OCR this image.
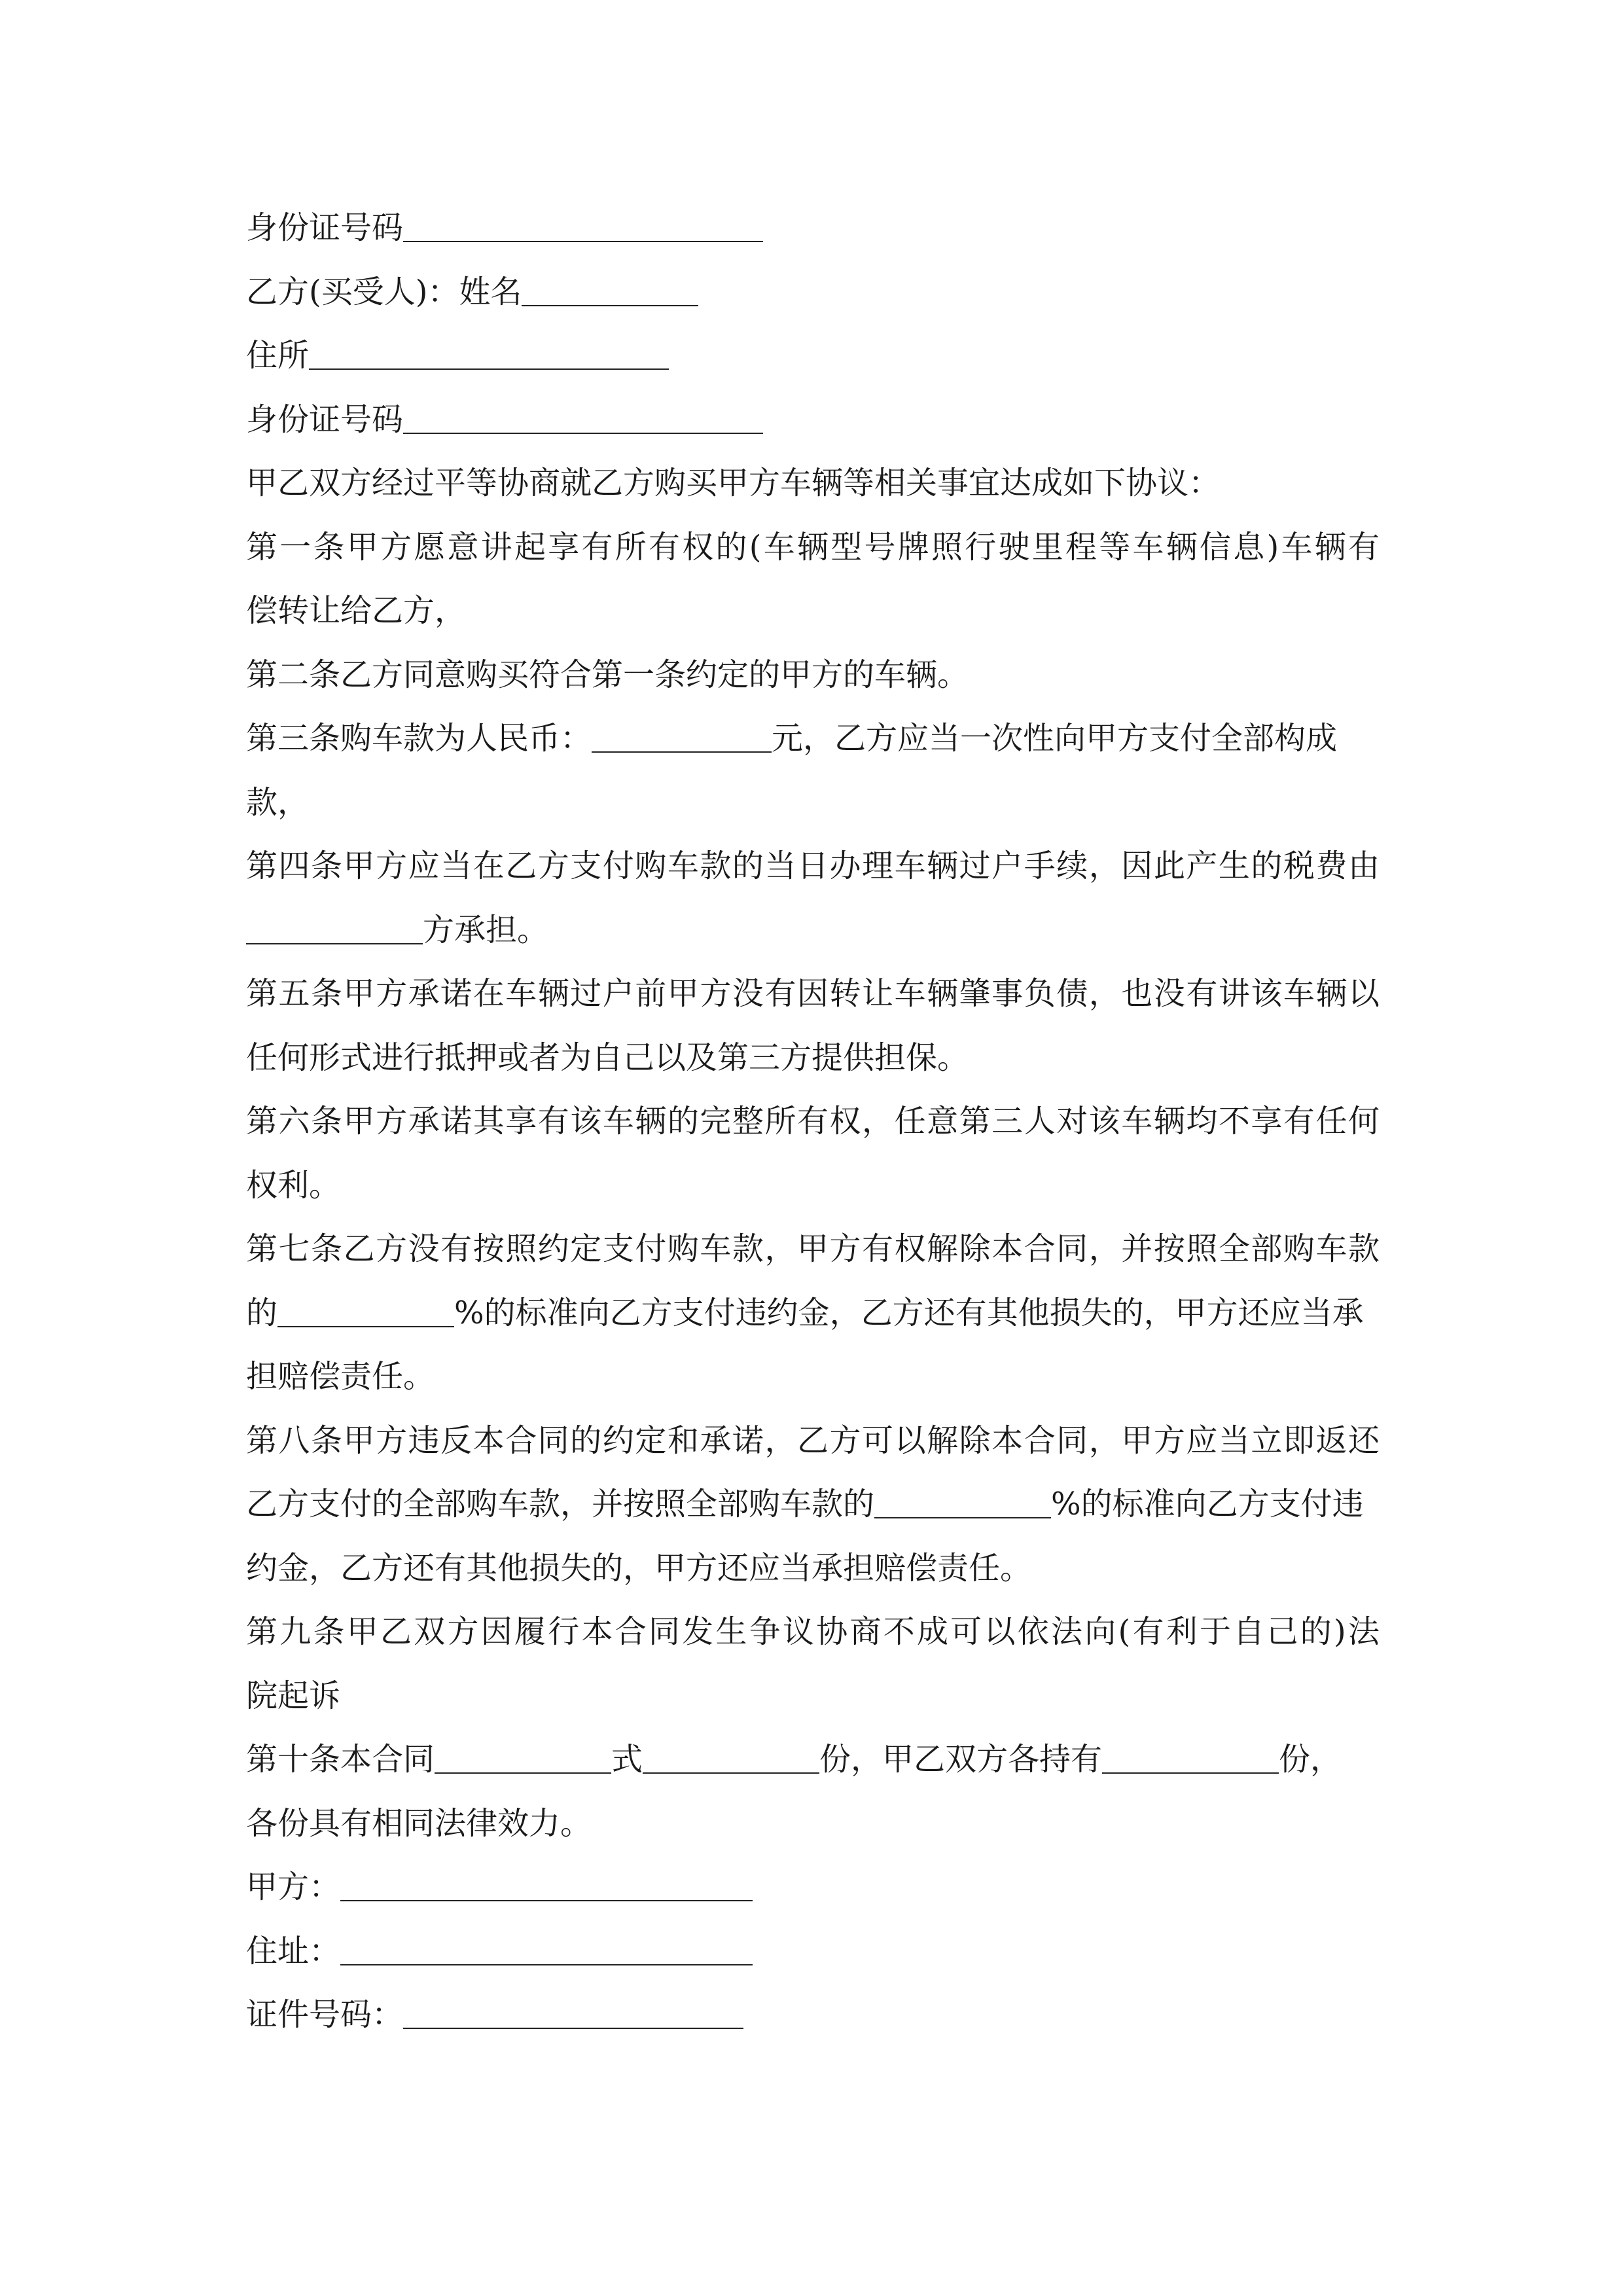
身份证号码
乙方(买受人)：姓名
住所
身份证号码
甲乙双方经过平等协商就乙方购买甲方车辆等相关事宜达成如下协议：
第一条甲方愿意讲起享有所有权的(车辆型号牌照行驶里程等车辆信息)车辆有
偿转让给乙方，
第二条乙方同意购买符合第一条约定的甲方的车辆。
第三条购车款为人民币：	元，乙方应当一次性向甲方支付全部构成
款，
第四条甲方应当在乙方支付购车款的当日办理车辆过户手续，因此产生的税费由
方承担。
第五条甲方承诺在车辆过户前甲方没有因转让车辆肇事负债，也没有讲该车辆以
任何形式进行抵押或者为自己以及第三方提供担保。
第六条甲方承诺其享有该车辆的完整所有权，任意第三人对该车辆均不享有任何
权利。
第七条乙方没有按照约定支付购车款，甲方有权解除本合同，并按照全部购车款
的	%的标准向乙方支付违约金，乙方还有其他损失的，甲方还应当承
担赔偿责任。
第八条甲方违反本合同的约定和承诺，乙方可以解除本合同，甲方应当立即返还
乙方支付的全部购车款，并按照全部购车款的	%的标准向乙方支付违
约金，乙方还有其他损失的，甲方还应当承担赔偿责任。
第九条甲乙双方因履行本合同发生争议协商不成可以依法向(有利于自己的)法
院起诉
第十条本合同	式	份，甲乙双方各持有	份，
各份具有相同法律效力。
甲方：
住址：
证件号码：
